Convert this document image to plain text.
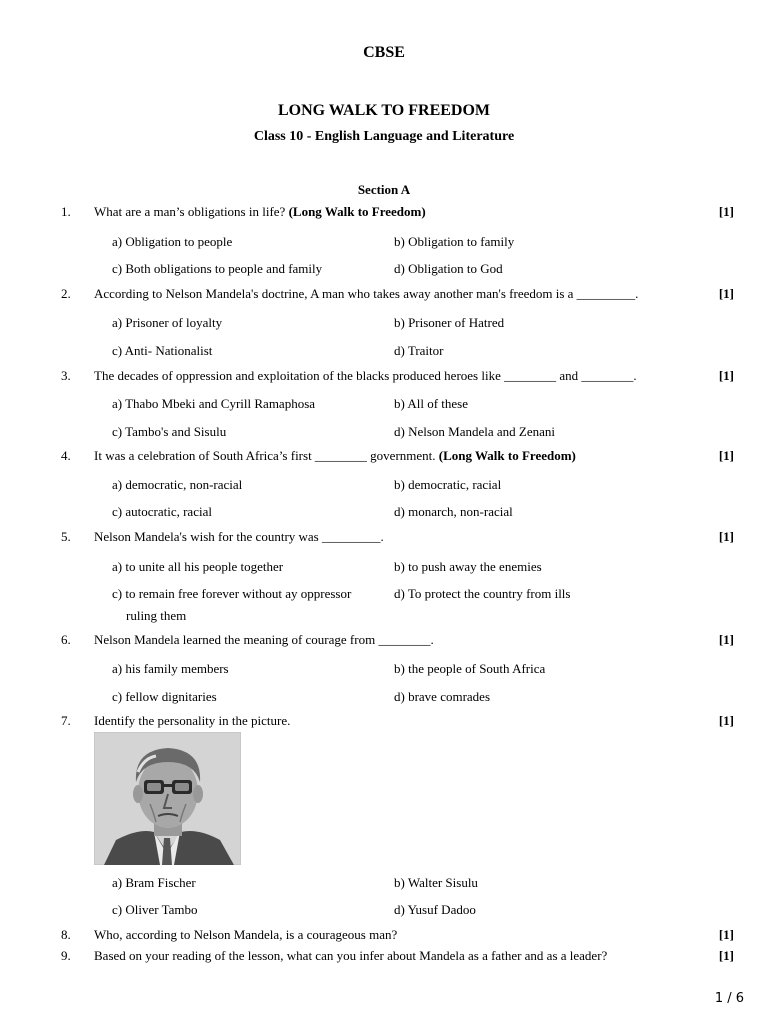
CBSE
LONG WALK TO FREEDOM
Class 10 - English Language and Literature
Section A
1. What are a man’s obligations in life? (Long Walk to Freedom)	[1]
a) Obligation to people	b) Obligation to family
c) Both obligations to people and family	d) Obligation to God
2. According to Nelson Mandela's doctrine, A man who takes away another man's freedom is a _________.	[1]
a) Prisoner of loyalty	b) Prisoner of Hatred
c) Anti- Nationalist	d) Traitor
3. The decades of oppression and exploitation of the blacks produced heroes like ________ and ________.	[1]
a) Thabo Mbeki and Cyrill Ramaphosa	b) All of these
c) Tambo's and Sisulu	d) Nelson Mandela and Zenani
4. It was a celebration of South Africa’s first ________ government. (Long Walk to Freedom)	[1]
a) democratic, non-racial	b) democratic, racial
c) autocratic, racial	d) monarch, non-racial
5. Nelson Mandela's wish for the country was _________.	[1]
a) to unite all his people together	b) to push away the enemies
c) to remain free forever without ay oppressor	d) To protect the country from ills
ruling them
6. Nelson Mandela learned the meaning of courage from ________.	[1]
a) his family members	b) the people of South Africa
c) fellow dignitaries	d) brave comrades
7. Identify the personality in the picture.	[1]
a) Bram Fischer	b) Walter Sisulu
c) Oliver Tambo	d) Yusuf Dadoo
8. Who, according to Nelson Mandela, is a courageous man?	[1]
9. Based on your reading of the lesson, what can you infer about Mandela as a father and as a leader?	[1]
1 / 6
